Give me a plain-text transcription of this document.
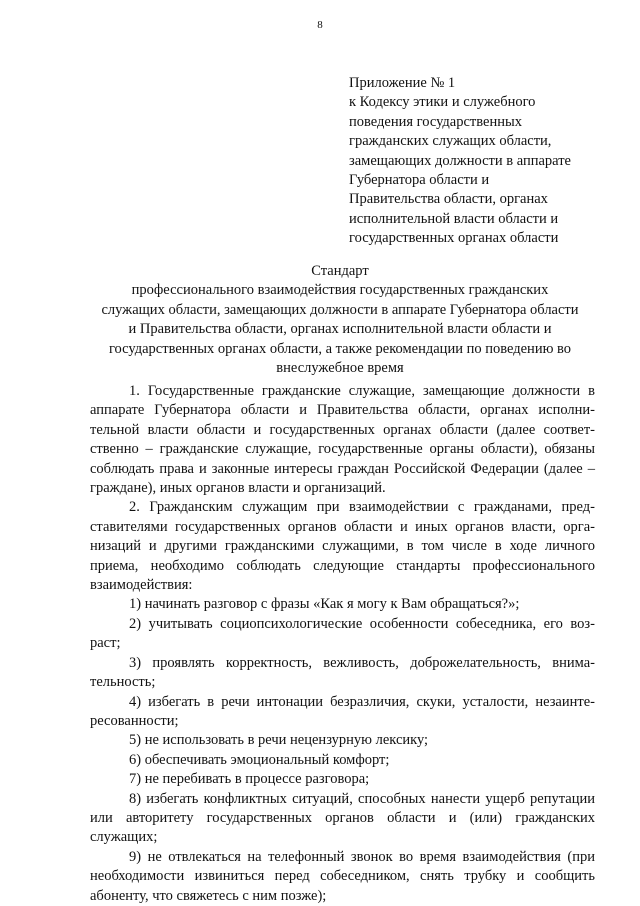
8
Приложение № 1
к Кодексу этики и служебного
поведения государственных
гражданских служащих области,
замещающих должности в аппарате
Губернатора области и
Правительства области, органах
исполнительной власти области и
государственных органах области
Стандарт
профессионального взаимодействия государственных гражданских
служащих области, замещающих должности в аппарате Губернатора области
и Правительства области, органах исполнительной власти области и
государственных органах области, а также рекомендации по поведению во
внеслужебное время

1. Государственные гражданские служащие, замещающие должности в аппарате Губернатора области и Правительства области, органах исполнительной власти области и государственных органах области (далее соответственно – гражданские служащие, государственные органы области), обязаны соблюдать права и законные интересы граждан Российской Федерации (далее – граждане), иных органов власти и организаций.

2. Гражданским служащим при взаимодействии с гражданами, представителями государственных органов области и иных органов власти, организаций и другими гражданскими служащими, в том числе в ходе личного приема, необходимо соблюдать следующие стандарты профессионального взаимодействия:

1) начинать разговор с фразы «Как я могу к Вам обращаться?»;

2) учитывать социопсихологические особенности собеседника, его возраст;

3) проявлять корректность, вежливость, доброжелательность, внимательность;

4) избегать в речи интонации безразличия, скуки, усталости, незаинтересованности;

5) не использовать в речи нецензурную лексику;

6) обеспечивать эмоциональный комфорт;

7) не перебивать в процессе разговора;

8) избегать конфликтных ситуаций, способных нанести ущерб репутации или авторитету государственных органов области и (или) гражданских служащих;

9) не отвлекаться на телефонный звонок во время взаимодействия (при необходимости извиниться перед собеседником, снять трубку и сообщить абоненту, что свяжетесь с ним позже);
